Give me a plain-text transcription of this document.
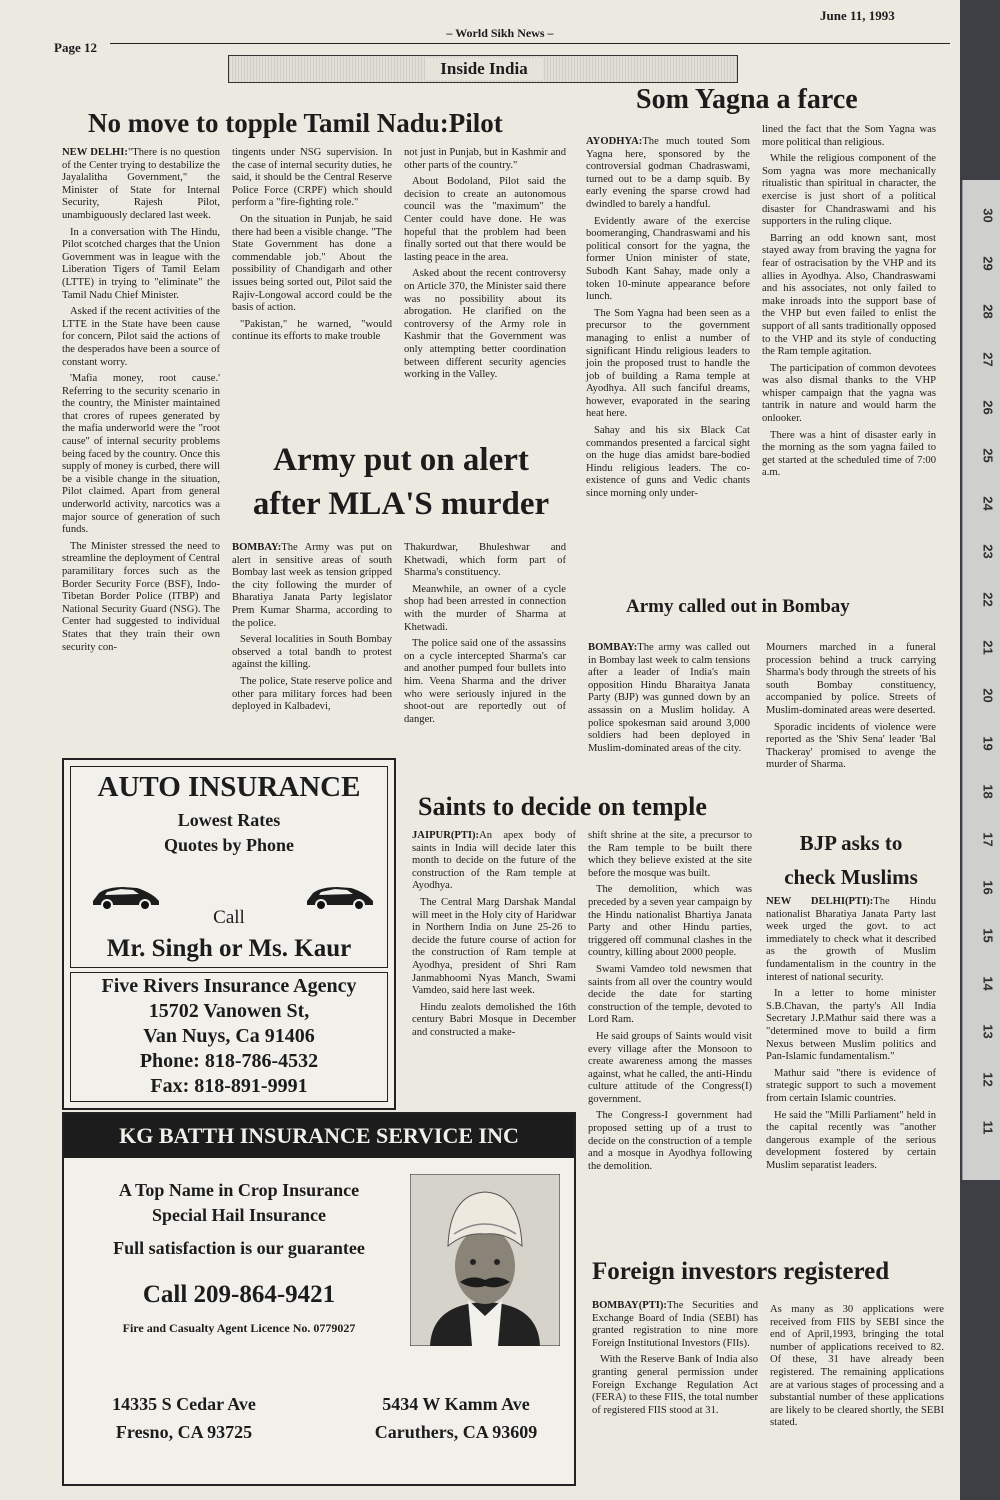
– World Sikh News –
June 11, 1993
Page 12
Inside India
No move to topple Tamil Nadu:Pilot

NEW DELHI:"There is no question of the Center trying to destabilize the Jayalalitha Government," the Minister of State for Internal Security, Rajesh Pilot, unambiguously declared last week.

In a conversation with The Hindu, Pilot scotched charges that the Union Government was in league with the Liberation Tigers of Tamil Eelam (LTTE) in trying to "eliminate" the Tamil Nadu Chief Minister.

Asked if the recent activities of the LTTE in the State have been cause for concern, Pilot said the actions of the desperados have been a source of constant worry.

'Mafia money, root cause.' Referring to the security scenario in the country, the Minister maintained that crores of rupees generated by the mafia underworld were the "root cause" of internal security problems being faced by the country. Once this supply of money is curbed, there will be a visible change in the situation, Pilot claimed. Apart from general underworld activity, narcotics was a major source of generation of such funds.

The Minister stressed the need to streamline the deployment of Central paramilitary forces such as the Border Security Force (BSF), Indo-Tibetan Border Police (ITBP) and National Security Guard (NSG). The Center had suggested to individual States that they train their own security con-

tingents under NSG supervision. In the case of internal security duties, he said, it should be the Central Reserve Police Force (CRPF) which should perform a "fire-fighting role."

On the situation in Punjab, he said there had been a visible change. "The State Government has done a commendable job." About the possibility of Chandigarh and other issues being sorted out, Pilot said the Rajiv-Longowal accord could be the basis of action.

"Pakistan," he warned, "would continue its efforts to make trouble

not just in Punjab, but in Kashmir and other parts of the country."

About Bodoland, Pilot said the decision to create an autonomous council was the "maximum" the Center could have done. He was hopeful that the problem had been finally sorted out that there would be lasting peace in the area.

Asked about the recent controversy on Article 370, the Minister said there was no possibility about its abrogation. He clarified on the controversy of the Army role in Kashmir that the Government was only attempting better coordination between different security agencies working in the Valley.

Som Yagna a farce

AYODHYA:The much touted Som Yagna here, sponsored by the controversial godman Chadraswami, turned out to be a damp squib. By early evening the sparse crowd had dwindled to barely a handful.

Evidently aware of the exercise boomeranging, Chandraswami and his political consort for the yagna, the former Union minister of state, Subodh Kant Sahay, made only a token 10-minute appearance before lunch.

The Som Yagna had been seen as a precursor to the government managing to enlist a number of significant Hindu religious leaders to join the proposed trust to handle the job of building a Rama temple at Ayodhya. All such fanciful dreams, however, evaporated in the searing heat here.

Sahay and his six Black Cat commandos presented a farcical sight on the huge dias amidst bare-bodied Hindu religious leaders. The co-existence of guns and Vedic chants since morning only under-

lined the fact that the Som Yagna was more political than religious.

While the religious component of the Som yagna was more mechanically ritualistic than spiritual in character, the exercise is just short of a political disaster for Chandraswami and his supporters in the ruling clique.

Barring an odd known sant, most stayed away from braving the yagna for fear of ostracisation by the VHP and its allies in Ayodhya. Also, Chandraswami and his associates, not only failed to make inroads into the support base of the VHP but even failed to enlist the support of all sants traditionally opposed to the VHP and its style of conducting the Ram temple agitation.

The participation of common devotees was also dismal thanks to the VHP whisper campaign that the yagna was tantrik in nature and would harm the onlooker.

There was a hint of disaster early in the morning as the som yagna failed to get started at the scheduled time of 7:00 a.m.

Army put on alert
after MLA'S murder

BOMBAY:The Army was put on alert in sensitive areas of south Bombay last week as tension gripped the city following the murder of Bharatiya Janata Party legislator Prem Kumar Sharma, according to the police.

Several localities in South Bombay observed a total bandh to protest against the killing.

The police, State reserve police and other para military forces had been deployed in Kalbadevi,

Thakurdwar, Bhuleshwar and Khetwadi, which form part of Sharma's constituency.

Meanwhile, an owner of a cycle shop had been arrested in connection with the murder of Sharma at Khetwadi.

The police said one of the assassins on a cycle intercepted Sharma's car and another pumped four bullets into him. Veena Sharma and the driver who were seriously injured in the shoot-out are reportedly out of danger.

Army called out in Bombay

BOMBAY:The army was called out in Bombay last week to calm tensions after a leader of India's main opposition Hindu Bharaitya Janata Party (BJP) was gunned down by an assassin on a Muslim holiday. A police spokesman said around 3,000 soldiers had been deployed in Muslim-dominated areas of the city.

Mourners marched in a funeral procession behind a truck carrying Sharma's body through the streets of his south Bombay constituency, accompanied by police. Streets of Muslim-dominated areas were deserted.

Sporadic incidents of violence were reported as the 'Shiv Sena' leader 'Bal Thackeray' promised to avenge the murder of Sharma.

Saints to decide on temple

JAIPUR(PTI):An apex body of saints in India will decide later this month to decide on the future of the construction of the Ram temple at Ayodhya.

The Central Marg Darshak Mandal will meet in the Holy city of Haridwar in Northern India on June 25-26 to decide the future course of action for the construction of Ram temple at Ayodhya, president of Shri Ram Janmabhoomi Nyas Manch, Swami Vamdeo, said here last week.

Hindu zealots demolished the 16th century Babri Mosque in December and constructed a make-

shift shrine at the site, a precursor to the Ram temple to be built there which they believe existed at the site before the mosque was built.

The demolition, which was preceded by a seven year campaign by the Hindu nationalist Bhartiya Janata Party and other Hindu parties, triggered off communal clashes in the country, killing about 2000 people.

Swami Vamdeo told newsmen that saints from all over the country would decide the date for starting construction of the temple, devoted to Lord Ram.

He said groups of Saints would visit every village after the Monsoon to create awareness among the masses against, what he called, the anti-Hindu culture attitude of the Congress(I) government.

The Congress-I government had proposed setting up of a trust to decide on the construction of a temple and a mosque in Ayodhya following the demolition.

BJP asks to
check Muslims

NEW DELHI(PTI):The Hindu nationalist Bharatiya Janata Party last week urged the govt. to act immediately to check what it described as the growth of Muslim fundamentalism in the country in the interest of national security.

In a letter to home minister S.B.Chavan, the party's All India Secretary J.P.Mathur said there was a "determined move to build a firm Nexus between Muslim politics and Pan-Islamic fundamentalism."

Mathur said "there is evidence of strategic support to such a movement from certain Islamic countries.

He said the "Milli Parliament" held in the capital recently was "another dangerous example of the serious development fostered by certain Muslim separatist leaders.

Foreign investors registered

BOMBAY(PTI):The Securities and Exchange Board of India (SEBI) has granted registration to nine more Foreign Institutional Investors (FIIs).

With the Reserve Bank of India also granting general permission under Foreign Exchange Regulation Act (FERA) to these FIIS, the total number of registered FIIS stood at 31.

As many as 30 applications were received from FIIS by SEBI since the end of April,1993, bringing the total number of applications received to 82. Of these, 31 have already been registered. The remaining applications are at various stages of processing and a substantial number of these applications are likely to be cleared shortly, the SEBI stated.

AUTO INSURANCE
Lowest Rates
Quotes by Phone
Call
Mr. Singh or Ms. Kaur
Five Rivers Insurance Agency
15702 Vanowen St,
Van Nuys, Ca 91406
Phone: 818-786-4532
Fax: 818-891-9991
KG BATTH INSURANCE SERVICE INC
A Top Name in Crop Insurance
Special Hail Insurance
Full satisfaction is our guarantee
Call 209-864-9421
Fire and Casualty Agent Licence No. 0779027
14335 S Cedar Ave
Fresno, CA 93725
5434 W Kamm Ave
Caruthers, CA 93609
30
29
28
27
26
25
24
23
22
21
20
19
18
17
16
15
14
13
12
11
